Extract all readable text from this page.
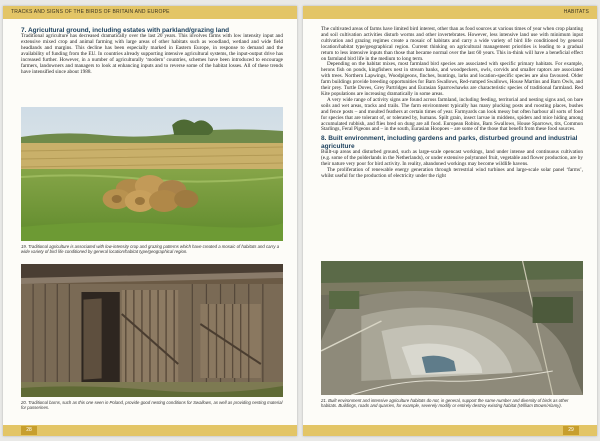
TRACKS AND SIGNS OF THE BIRDS OF BRITAIN AND EUROPE

7. Agricultural ground, including estates with parkland/grazing land

Traditional agriculture has decreased dramatically over the last 20 years. This involves farms with low intensity input and extensive mixed crop and animal farming with large areas of other habitats such as woodland, wetland and wide field headlands and margins. This decline has been especially marked in Eastern Europe, in response to demand and the availability of funding from the EU. In countries already supporting intensive agricultural systems, the input-output drive has increased further. However, in a number of agriculturally ‘modern’ countries, schemes have been introduced to encourage farmers, landowners and managers to look at enhancing inputs and to reverse some of the habitat losses. All of these trends have intensified since about 1988.

19. Traditional agriculture is associated with low-intensity crop and grazing patterns which have created a mosaic of habitats and carry a wide variety of bird life conditioned by general location/habitat type/geographical region.

20. Traditional barns, such as this one seen in Poland, provide good nesting conditions for Swallows, as well as providing nesting material for passerines.

28
HABITATS

The cultivated areas of farms have limited bird interest, other than as food sources at various times of year when crop planting and soil cultivation activities disturb worms and other invertebrates. However, less intensive land use with minimum input cultivation and grazing regimes create a mosaic of habitats and carry a wide variety of bird life conditioned by general location/habitat type/geographical region. Current thinking on agricultural management priorities is leading to a gradual return to less intensive inputs than those that became normal over the last 60 years. This in-think will have a beneficial effect on farmland bird life in the medium to long term.

Depending on the habitat mixes, most farmland bird species are associated with specific primary habitats. For example, herons fish on ponds, kingfishers nest in stream banks, and woodpeckers, owls, corvids and smaller raptors are associated with trees. Northern Lapwings, Woodpigeons, finches, buntings, larks and location-specific species are also favoured. Older farm buildings provide breeding opportunities for Barn Swallows, Red-rumped Swallows, House Martins and Barn Owls, and their prey. Turtle Doves, Grey Partridges and Eurasian Sparrowhawks are characteristic species of traditional farmland. Red Kite populations are increasing dramatically in some areas.

A very wide range of activity signs are found across farmland, including feeding, territorial and nesting signs and, on bare soils and wet areas, tracks and trails. The farm environment typically has many plucking posts and roosting places, bushes and fence posts – and moulted feathers at certain times of year. Farmyards can look messy but often harbour all sorts of food for species that are tolerant of, or tolerated by, humans. Spilt grain, insect larvae in middens, spiders and mice hiding among accumulated rubbish, and flies bred on dung are all food. European Robins, Barn Swallows, House Sparrows, tits, Common Starlings, Feral Pigeons and – in the south, Eurasian Hoopoes – are some of the those that benefit from these food sources.

8. Built environment, including gardens and parks, disturbed ground and industrial agriculture

Built-up areas and disturbed ground, such as large-scale opencast workings, land under intense and continuous cultivation (e.g. some of the polderlands in the Netherlands), or under extensive polytunnel fruit, vegetable and flower production, are by their nature very poor for bird activity. In reality, abandoned workings may become wildlife havens.

The proliferation of renewable energy generation through terrestrial wind turbines and large-scale solar panel ‘farms’, whilst useful for the production of electricity under the right

21. Built environment and intensive agriculture habitats do not, in general, support the same number and diversity of birds as other habitats. Buildings, roads and quarries, for example, severely modify or entirely destroy existing habitat (William Brown/Alamy).

29
